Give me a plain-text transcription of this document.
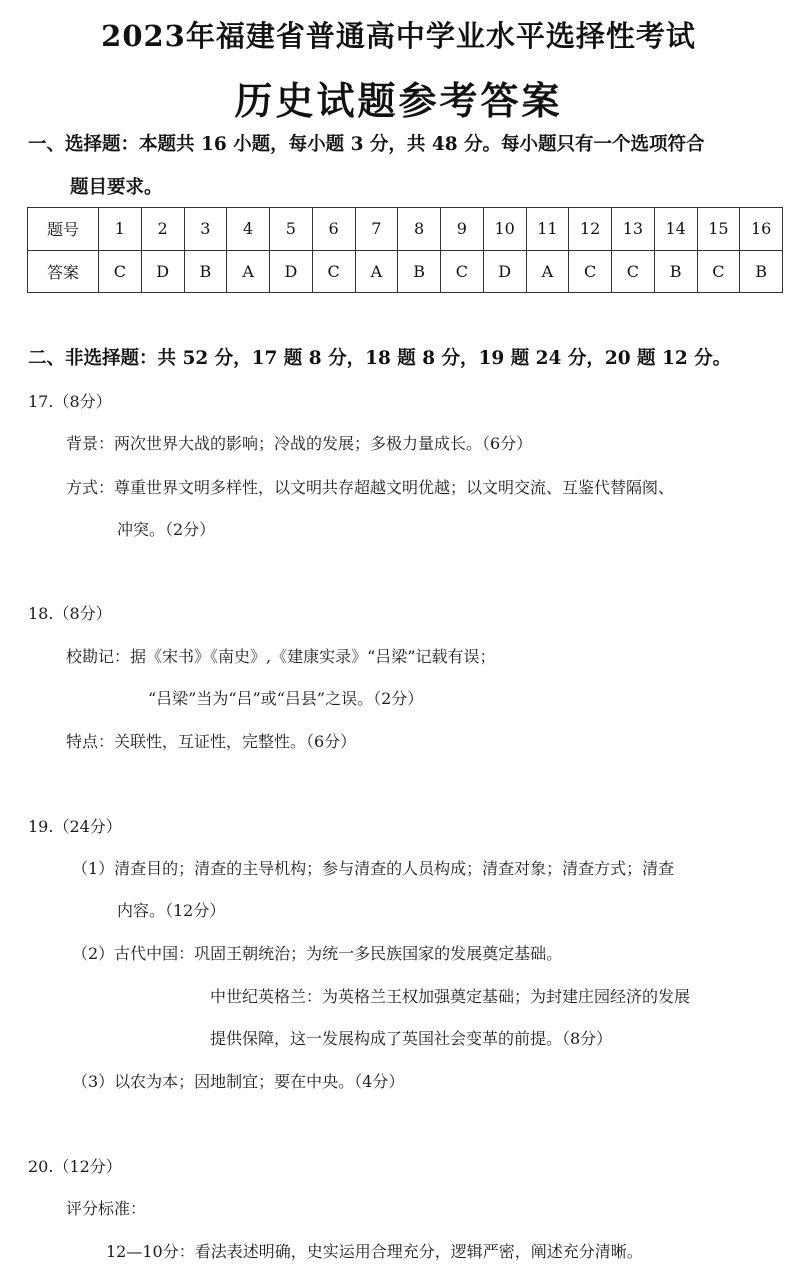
2023年福建省普通高中学业水平选择性考试
历史试题参考答案
一、选择题：本题共 16 小题，每小题 3 分，共 48 分。每小题只有一个选项符合
题目要求。
题号	1	2	3	4	5	6	7	8	9	10	11	12	13	14	15	16
答案	C	D	B	A	D	C	A	B	C	D	A	C	C	B	C	B
二、非选择题：共 52 分，17 题 8 分，18 题 8 分，19 题 24 分，20 题 12 分。
17.（8分）
背景：两次世界大战的影响；冷战的发展；多极力量成长。（6分）
方式：尊重世界文明多样性，以文明共存超越文明优越；以文明交流、互鉴代替隔阂、
冲突。（2分）
18.（8分）
校勘记：据《宋书》《南史》,《建康实录》“吕梁”记载有误；
“吕梁”当为“吕”或“吕县”之误。（2分）
特点：关联性，互证性，完整性。（6分）
19.（24分）
（1）清查目的；清查的主导机构；参与清查的人员构成；清查对象；清查方式；清查
内容。（12分）
（2）古代中国：巩固王朝统治；为统一多民族国家的发展奠定基础。
中世纪英格兰：为英格兰王权加强奠定基础；为封建庄园经济的发展
提供保障，这一发展构成了英国社会变革的前提。（8分）
（3）以农为本；因地制宜；要在中央。（4分）
20.（12分）
评分标准：
12—10分：看法表述明确，史实运用合理充分，逻辑严密，阐述充分清晰。
